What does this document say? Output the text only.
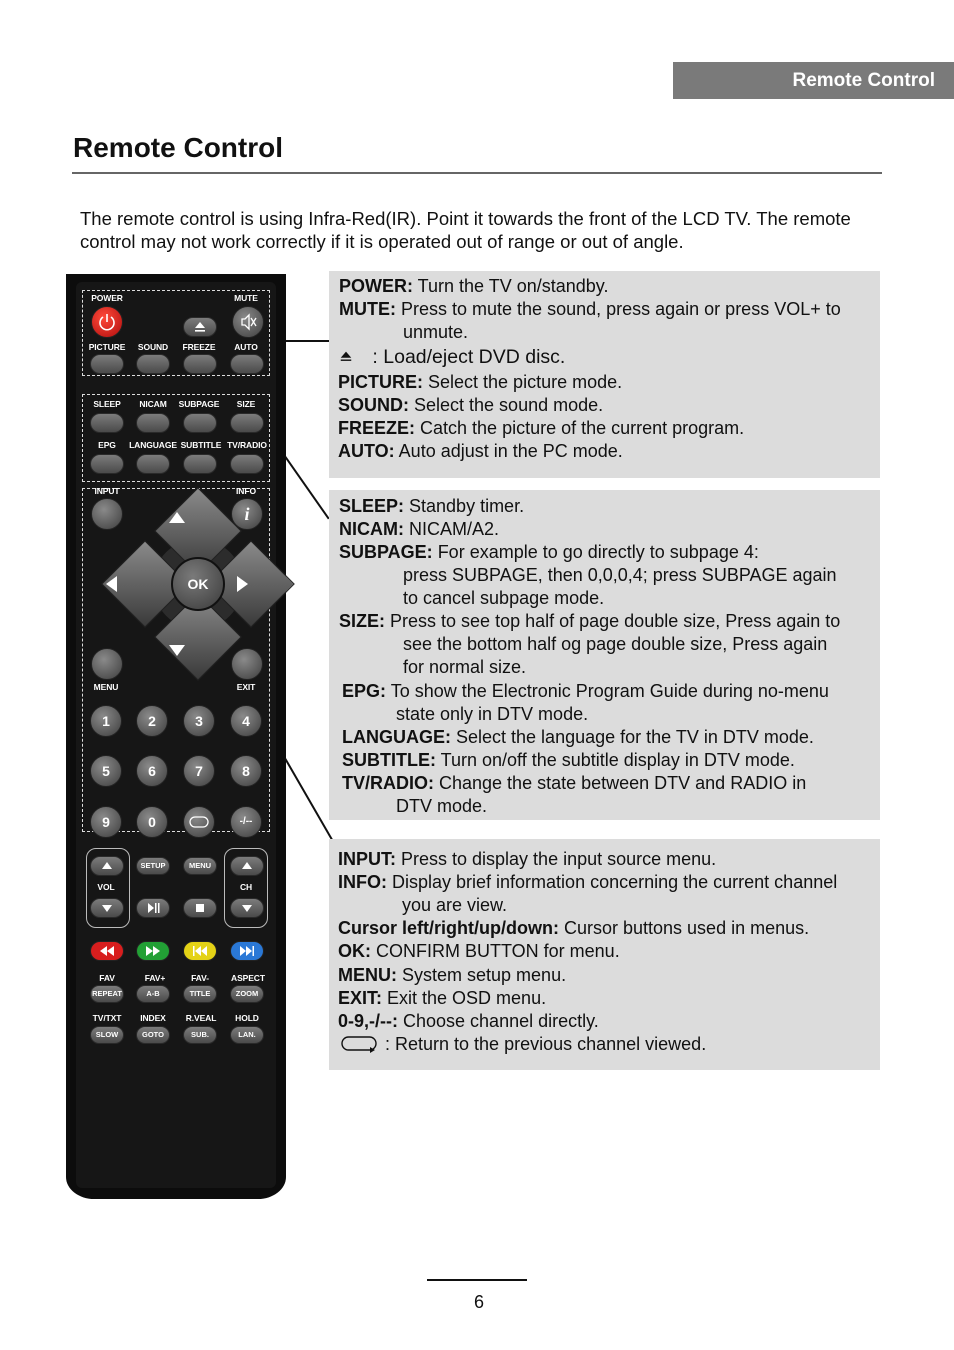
Remote Control
Remote Control

The remote control is using Infra-Red(IR). Point it towards the front of the LCD TV. The remote control may not work correctly if it is operated out of range or out of angle.

POWER	MUTE
PICTURE SOUND FREEZE AUTO
SLEEP NICAM SUBPAGE SIZE
EPG LANGUAGE SUBTITLE TV/RADIO
INPUT	INFO
i
OK
MENU	EXIT
1	2	3	4
5	6	7	8
9	0	-/--
VOL
SETUP	MENU
CH
FAV	FAV+	FAV-	ASPECT
REPEAT	A-B	TITLE	ZOOM
TV/TXT INDEX R.VEAL HOLD
SLOW	GOTO	SUB.	LAN.
POWER: Turn the TV on/standby.
MUTE: Press to mute the sound, press again or press VOL+ to
unmute.
: Load/eject DVD disc.
PICTURE: Select the picture mode.
SOUND: Select the sound mode.
FREEZE: Catch the picture of the current program.
AUTO: Auto adjust in the PC mode.
SLEEP: Standby timer.
NICAM: NICAM/A2.
SUBPAGE: For example to go directly to subpage 4:
press SUBPAGE, then 0,0,0,4; press SUBPAGE again
to cancel subpage mode.
SIZE: Press to see top half of page double size, Press again to
see the bottom half og page double size, Press again
for normal size.
EPG: To show the Electronic Program Guide during no-menu
state only in DTV mode.
LANGUAGE: Select the language for the TV in DTV mode.
SUBTITLE: Turn on/off the subtitle display in DTV mode.
TV/RADIO: Change the state between DTV and RADIO in
DTV mode.
INPUT: Press to display the input source menu.
INFO: Display brief information concerning the current channel
you are view.
Cursor left/right/up/down: Cursor buttons used in menus.
OK: CONFIRM BUTTON for menu.
MENU: System setup menu.
EXIT: Exit the OSD menu.
0-9,-/--: Choose channel directly.
: Return to the previous channel viewed.
6
